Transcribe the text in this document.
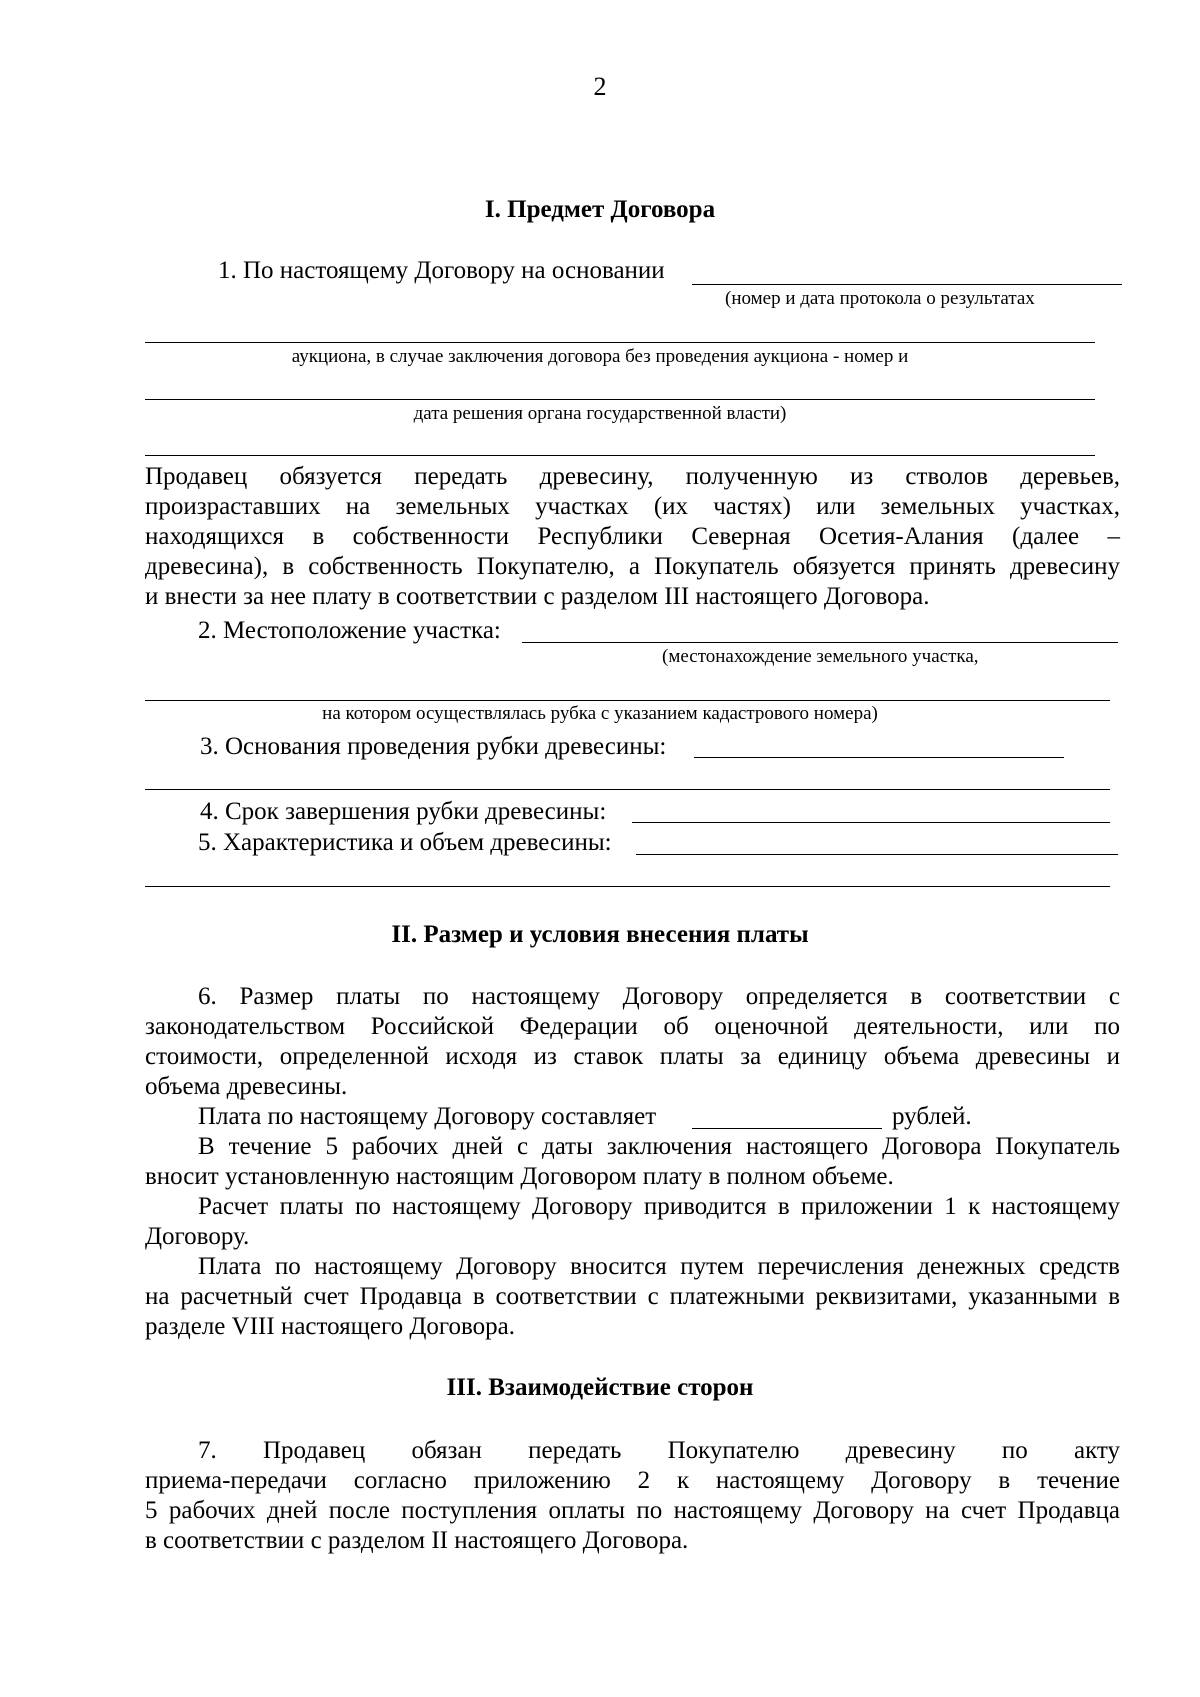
2
I. Предмет Договора
1. По настоящему Договору на основании
(номер и дата протокола о результатах
аукциона, в случае заключения договора без проведения аукциона - номер и
дата решения органа государственной власти)
Продавец обязуется передать древесину, полученную из стволов деревьев,
произраставших на земельных участках (их частях) или земельных участках,
находящихся в собственности Республики Северная Осетия-Алания (далее –
древесина), в собственность Покупателю, а Покупатель обязуется принять древесину
и внести за нее плату в соответствии с разделом III настоящего Договора.
2. Местоположение участка:
(местонахождение земельного участка,
на котором осуществлялась рубка с указанием кадастрового номера)
3. Основания проведения рубки древесины:
4. Срок завершения рубки древесины:
5. Характеристика и объем древесины:
II. Размер и условия внесения платы
6. Размер платы по настоящему Договору определяется в соответствии с
законодательством Российской Федерации об оценочной деятельности, или по
стоимости, определенной исходя из ставок платы за единицу объема древесины и
объема древесины.
Плата по настоящему Договору составляет	рублей.
В течение 5 рабочих дней с даты заключения настоящего Договора Покупатель
вносит установленную настоящим Договором плату в полном объеме.
Расчет платы по настоящему Договору приводится в приложении 1 к настоящему
Договору.
Плата по настоящему Договору вносится путем перечисления денежных средств
на расчетный счет Продавца в соответствии с платежными реквизитами, указанными в
разделе VIII настоящего Договора.
III. Взаимодействие сторон
7. Продавец обязан передать Покупателю древесину по акту
приема-передачи согласно приложению 2 к настоящему Договору в течение
5 рабочих дней после поступления оплаты по настоящему Договору на счет Продавца
в соответствии с разделом II настоящего Договора.
